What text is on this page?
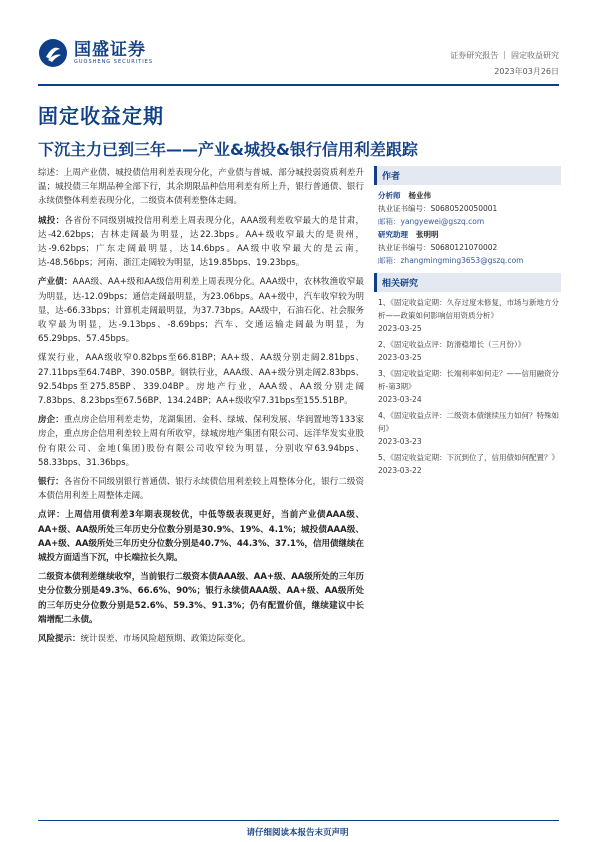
国盛证券
GUOSHENG SECURITIES
证券研究报告 | 固定收益研究
2023年03月26日
固定收益定期
下沉主力已到三年——产业&城投&银行信用利差跟踪

综述：上周产业债、城投债信用利差表现分化，产业债与普城、部分城投弱资质利差升温；城投债三年期品种全部下行，其余期限品种信用利差有所上升，银行普通债、银行永续债整体利差表现分化，二级资本债利差整体走阔。

城投：各省份不同级别城投信用利差上周表现分化，AAA级利差收窄最大的是甘肃，达-42.62bps；吉林走阔最为明显，达22.3bps。AA+级收窄最大的是贵州，达-9.62bps；广东走阔最明显，达14.6bps。AA级中收窄最大的是云南，达-48.56bps；河南、浙江走阔较为明显，达19.85bps、19.23bps。

产业债：AAA级、AA+级和AA级信用利差上周表现分化。AAA级中，农林牧渔收窄最为明显，达-12.09bps；通信走阔最明显，为23.06bps。AA+级中，汽车收窄较为明显，达-66.33bps；计算机走阔最明显，为37.73bps。AA级中，石油石化、社会服务收窄最为明显，达-9.13bps、-8.69bps；汽车、交通运输走阔最为明显，为65.29bps、57.45bps。

煤炭行业，AAA级收窄0.82bps至66.81BP；AA+级、AA级分别走阔2.81bps、27.11bps至64.74BP、390.05BP。钢铁行业，AAA级、AA+级分别走阔2.83bps、92.54bps至275.85BP、339.04BP。房地产行业，AAA级、AA级分别走阔7.83bps、8.23bps至67.56BP、134.24BP；AA+级收窄7.31bps至155.51BP。

房企：重点房企信用利差走势，龙湖集团、金科、绿城、保利发展、华润置地等133家房企，重点房企信用利差较上周有所收窄，绿城房地产集团有限公司、远洋华发实业股份有限公司、金地(集团)股份有限公司收窄较为明显，分别收窄63.94bps、58.33bps、31.36bps。

银行：各省份不同级别银行普通债、银行永续债信用利差较上周整体分化，银行二级资本债信用利差上周整体走阔。

点评：上周信用债利差3年期表现较优，中低等级表现更好，当前产业债AAA级、AA+级、AA级所处三年历史分位数分别是30.9%、19%、4.1%；城投债AAA级、AA+级、AA级所处三年历史分位数分别是40.7%、44.3%、37.1%，信用债继续在城投方面适当下沉，中长端拉长久期。

二级资本债利差继续收窄，当前银行二级资本债AAA级、AA+级、AA级所处的三年历史分位数分别是49.3%、66.6%、90%；银行永续债AAA级、AA+级、AA级所处的三年历史分位数分别是52.6%、59.3%、91.3%；仍有配置价值，继续建议中长端增配二永债。

风险提示：统计误差、市场风险超预期、政策边际变化。

作者
分析师 杨业伟
执业证书编号：S0680520050001
邮箱：yangyewei@gszq.com
研究助理 张明明
执业证书编号：S0680121070002
邮箱：zhangmingming3653@gszq.com
相关研究
1、《固定收益定期：久存过度未修复，市场与新地方分析——政策如何影响信用资质分析》
2023-03-25
2、《固定收益点评：防滑稳增长（三月份）》
2023-03-25
3、《固定收益定期：长端利率如何走？——信用融资分析-第3期》
2023-03-24
4、《固定收益点评：二级资本债继续压力如何？特殊如何》
2023-03-23
5、《固定收益定期：下沉到位了，信用债如何配置？》
2023-03-22
请仔细阅读本报告末页声明
